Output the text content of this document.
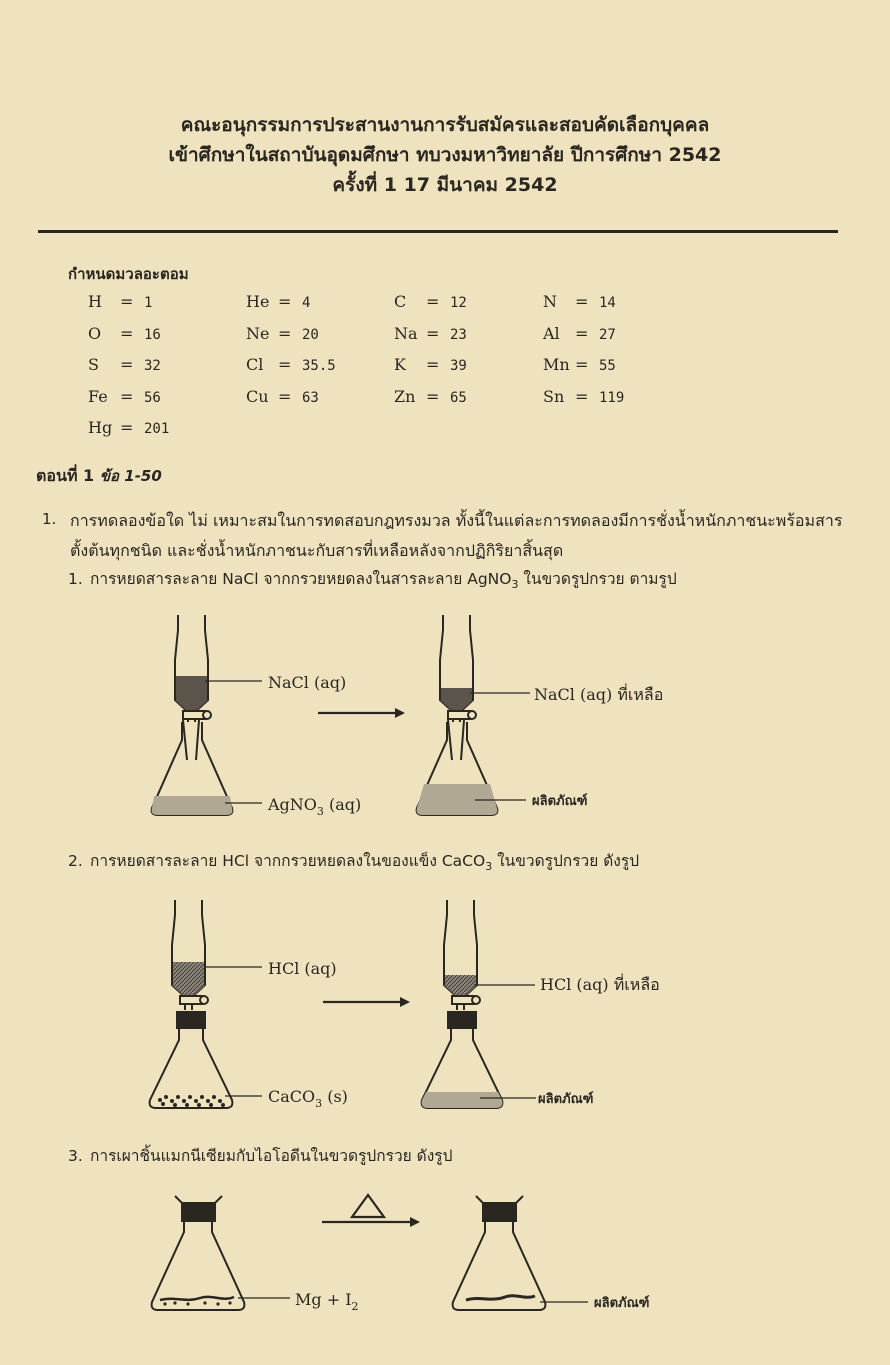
คณะอนุกรรมการประสานงานการรับสมัครและสอบคัดเลือกบุคคล
เข้าศึกษาในสถาบันอุดมศึกษา ทบวงมหาวิทยาลัย ปีการศึกษา 2542
ครั้งที่ 1 17 มีนาคม 2542
กำหนดมวลอะตอม
H = 1	He = 4	C = 12	N = 14
O = 16	Ne = 20	Na = 23	Al = 27
S = 32	Cl = 35.5	K = 39	Mn = 55
Fe = 56	Cu = 63	Zn = 65	Sn = 119
Hg = 201
ตอนที่ 1 ข้อ 1-50
1. การทดลองข้อใด ไม่ เหมาะสมในการทดสอบกฎทรงมวล ทั้งนี้ในแต่ละการทดลองมีการชั่งน้ำหนักภาชนะพร้อมสารตั้งต้นทุกชนิด และชั่งน้ำหนักภาชนะกับสารที่เหลือหลังจากปฏิกิริยาสิ้นสุด
1. การหยดสารละลาย NaCl จากกรวยหยดลงในสารละลาย AgNO$_3$ ในขวดรูปกรวย ตามรูป
2. การหยดสารละลาย HCl จากกรวยหยดลงในของแข็ง CaCO$_3$ ในขวดรูปกรวย ดังรูป
3. การเผาชิ้นแมกนีเซียมกับไอโอดีนในขวดรูปกรวย ดังรูป
NaCl (aq)
AgNO$_3$ (aq)
NaCl (aq) ที่เหลือ
ผลิตภัณฑ์
HCl (aq)
CaCO$_3$ (s)
HCl (aq) ที่เหลือ
ผลิตภัณฑ์
$Mg + I_2$	ผลิตภัณฑ์
